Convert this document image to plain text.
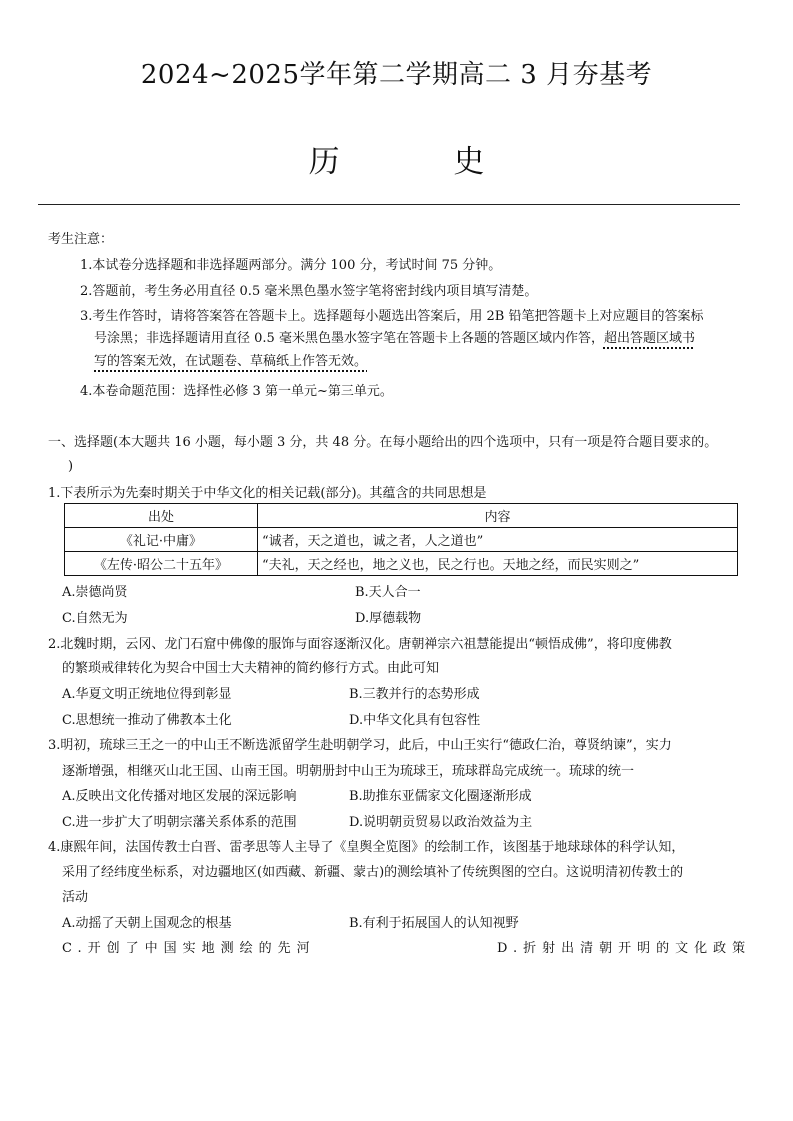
2024~2025学年第二学期高二 3 月夯基考
历 史
考生注意：
1.本试卷分选择题和非选择题两部分。满分 100 分，考试时间 75 分钟。
2.答题前，考生务必用直径 0.5 毫米黑色墨水签字笔将密封线内项目填写清楚。
3.考生作答时，请将答案答在答题卡上。选择题每小题选出答案后，用 2B 铅笔把答题卡上对应题目的答案标
号涂黑；非选择题请用直径 0.5 毫米黑色墨水签字笔在答题卡上各题的答题区域内作答，超出答题区域书
写的答案无效，在试题卷、草稿纸上作答无效。
4.本卷命题范围：选择性必修 3 第一单元~第三单元。
一、选择题(本大题共 16 小题，每小题 3 分，共 48 分。在每小题给出的四个选项中，只有一项是符合题目要求的。
)
1.下表所示为先秦时期关于中华文化的相关记载(部分)。其蕴含的共同思想是
出处	内容
《礼记·中庸》	“诚者，天之道也，诚之者，人之道也”
《左传·昭公二十五年》	“夫礼，天之经也，地之义也，民之行也。天地之经，而民实则之”
A.崇德尚贤	B.天人合一
C.自然无为	D.厚德载物
2.北魏时期，云冈、龙门石窟中佛像的服饰与面容逐渐汉化。唐朝禅宗六祖慧能提出“顿悟成佛”，将印度佛教
的繁琐戒律转化为契合中国士大夫精神的简约修行方式。由此可知
A.华夏文明正统地位得到彰显	B.三教并行的态势形成
C.思想统一推动了佛教本土化	D.中华文化具有包容性
3.明初，琉球三王之一的中山王不断选派留学生赴明朝学习，此后，中山王实行“德政仁治，尊贤纳谏”，实力
逐渐增强，相继灭山北王国、山南王国。明朝册封中山王为琉球王，琉球群岛完成统一。琉球的统一
A.反映出文化传播对地区发展的深远影响	B.助推东亚儒家文化圈逐渐形成
C.进一步扩大了明朝宗藩关系体系的范围	D.说明朝贡贸易以政治效益为主
4.康熙年间，法国传教士白晋、雷孝思等人主导了《皇舆全览图》的绘制工作，该图基于地球球体的科学认知，
采用了经纬度坐标系，对边疆地区(如西藏、新疆、蒙古)的测绘填补了传统舆图的空白。这说明清初传教士的
活动
A.动摇了天朝上国观念的根基	B.有利于拓展国人的认知视野
C.开创了中国实地测绘的先河	D.折射出清朝开明的文化政策
